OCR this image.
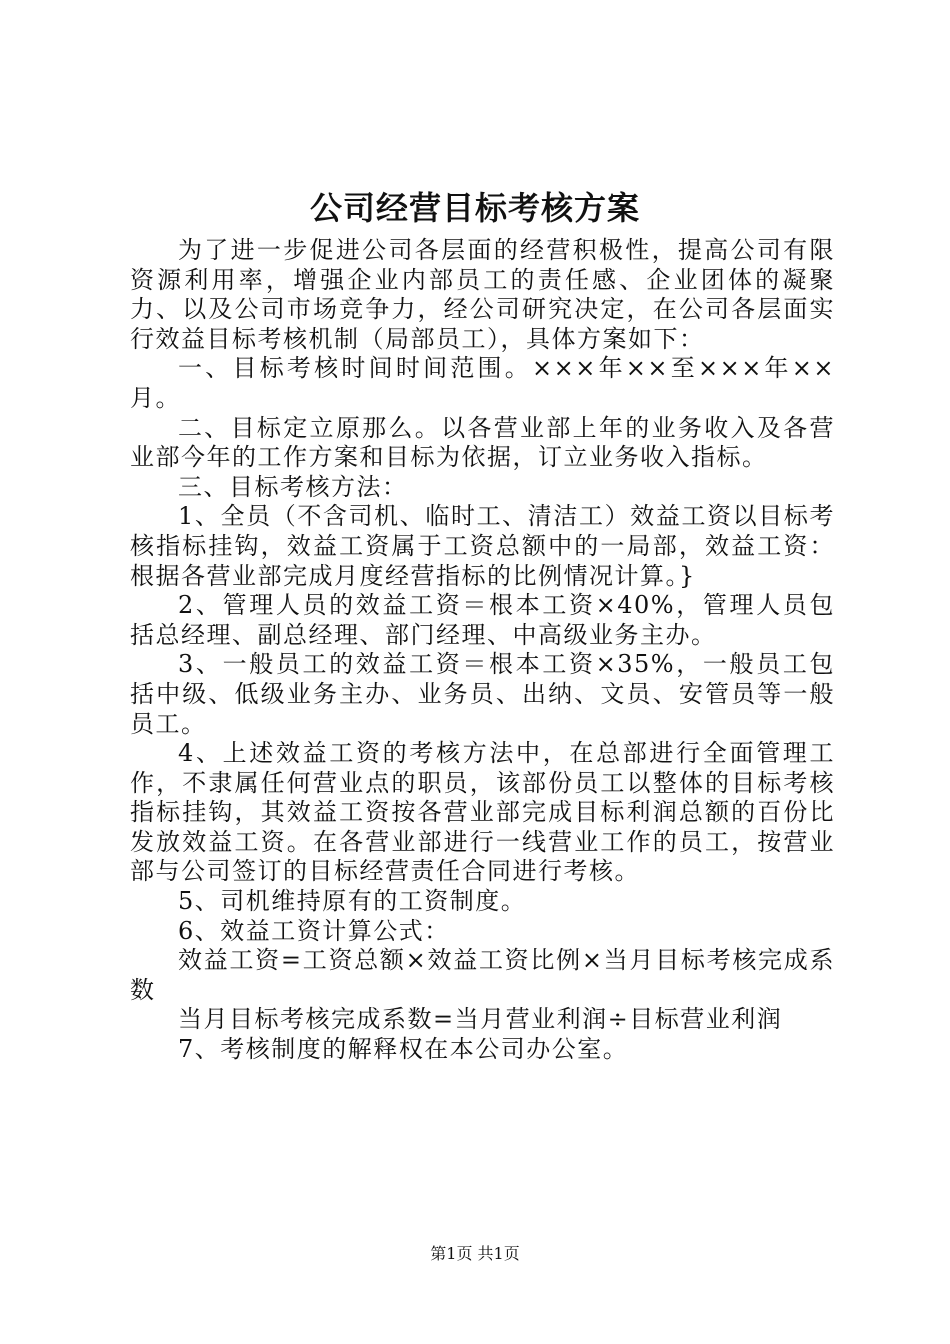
公司经营目标考核方案

为了进一步促进公司各层面的经营积极性，提高公司有限资源利用率，增强企业内部员工的责任感、企业团体的凝聚力、以及公司市场竞争力，经公司研究决定，在公司各层面实行效益目标考核机制（局部员工），具体方案如下：

一、目标考核时间时间范围。×××年××至×××年××月。

二、目标定立原那么。以各营业部上年的业务收入及各营业部今年的工作方案和目标为依据，订立业务收入指标。

三、目标考核方法：

1、全员（不含司机、临时工、清洁工）效益工资以目标考核指标挂钩，效益工资属于工资总额中的一局部，效益工资：根据各营业部完成月度经营指标的比例情况计算。}

2、管理人员的效益工资＝根本工资×40%，管理人员包括总经理、副总经理、部门经理、中高级业务主办。

3、一般员工的效益工资＝根本工资×35%，一般员工包括中级、低级业务主办、业务员、出纳、文员、安管员等一般员工。

4、上述效益工资的考核方法中，在总部进行全面管理工作，不隶属任何营业点的职员，该部份员工以整体的目标考核指标挂钩，其效益工资按各营业部完成目标利润总额的百份比发放效益工资。在各营业部进行一线营业工作的员工，按营业部与公司签订的目标经营责任合同进行考核。

5、司机维持原有的工资制度。

6、效益工资计算公式：

效益工资=工资总额×效益工资比例×当月目标考核完成系数

当月目标考核完成系数=当月营业利润÷目标营业利润

7、考核制度的解释权在本公司办公室。

第1页 共1页
